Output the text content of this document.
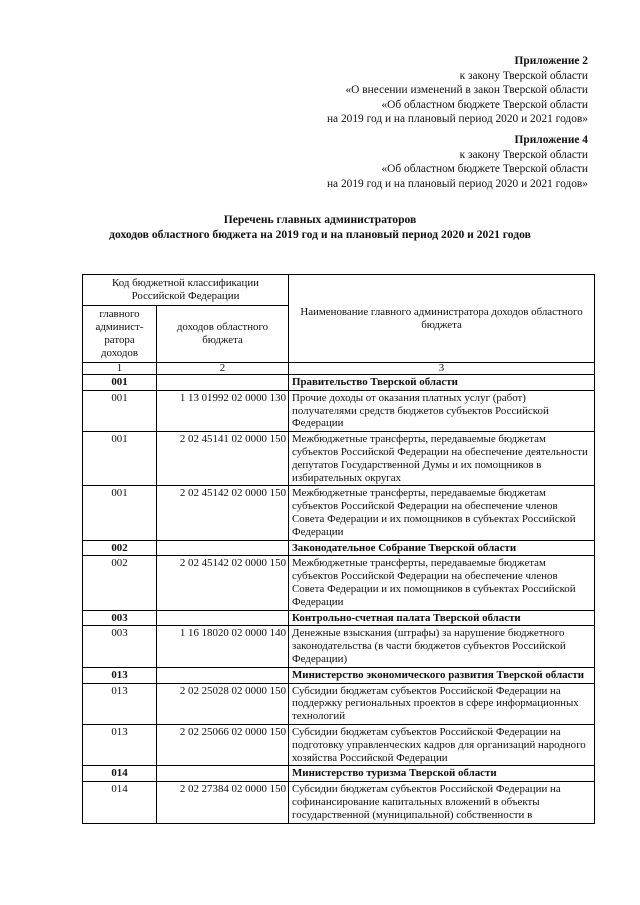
Приложение 2
к закону Тверской области
«О внесении изменений в закон Тверской области
«Об областном бюджете Тверской области
на 2019 год и на плановый период 2020 и 2021 годов»
Приложение 4
к закону Тверской области
«Об областном бюджете Тверской области
на 2019 год и на плановый период 2020 и 2021 годов»
Перечень главных администраторов
доходов областного бюджета на 2019 год и на плановый период 2020 и 2021 годов
Код бюджетной классификации Российской Федерации		Наименование главного администратора доходов областного бюджета
главного админист-ратора доходов	доходов областного бюджета	
1	2	3
001		Правительство Тверской области
001	1 13 01992 02 0000 130	Прочие доходы от оказания платных услуг (работ) получателями средств бюджетов субъектов Российской Федерации
001	2 02 45141 02 0000 150	Межбюджетные трансферты, передаваемые бюджетам субъектов Российской Федерации на обеспечение деятельности депутатов Государственной Думы и их помощников в избирательных округах
001	2 02 45142 02 0000 150	Межбюджетные трансферты, передаваемые бюджетам субъектов Российской Федерации на обеспечение членов Совета Федерации и их помощников в субъектах Российской Федерации
002		Законодательное Собрание Тверской области
002	2 02 45142 02 0000 150	Межбюджетные трансферты, передаваемые бюджетам субъектов Российской Федерации на обеспечение членов Совета Федерации и их помощников в субъектах Российской Федерации
003		Контрольно-счетная палата Тверской области
003	1 16 18020 02 0000 140	Денежные взыскания (штрафы) за нарушение бюджетного законодательства (в части бюджетов субъектов Российской Федерации)
013		Министерство экономического развития Тверской области
013	2 02 25028 02 0000 150	Субсидии бюджетам субъектов Российской Федерации на поддержку региональных проектов в сфере информационных технологий
013	2 02 25066 02 0000 150	Субсидии бюджетам субъектов Российской Федерации на подготовку управленческих кадров для организаций народного хозяйства Российской Федерации
014		Министерство туризма Тверской области
014	2 02 27384 02 0000 150	Субсидии бюджетам субъектов Российской Федерации на софинансирование капитальных вложений в объекты государственной (муниципальной) собственности в
